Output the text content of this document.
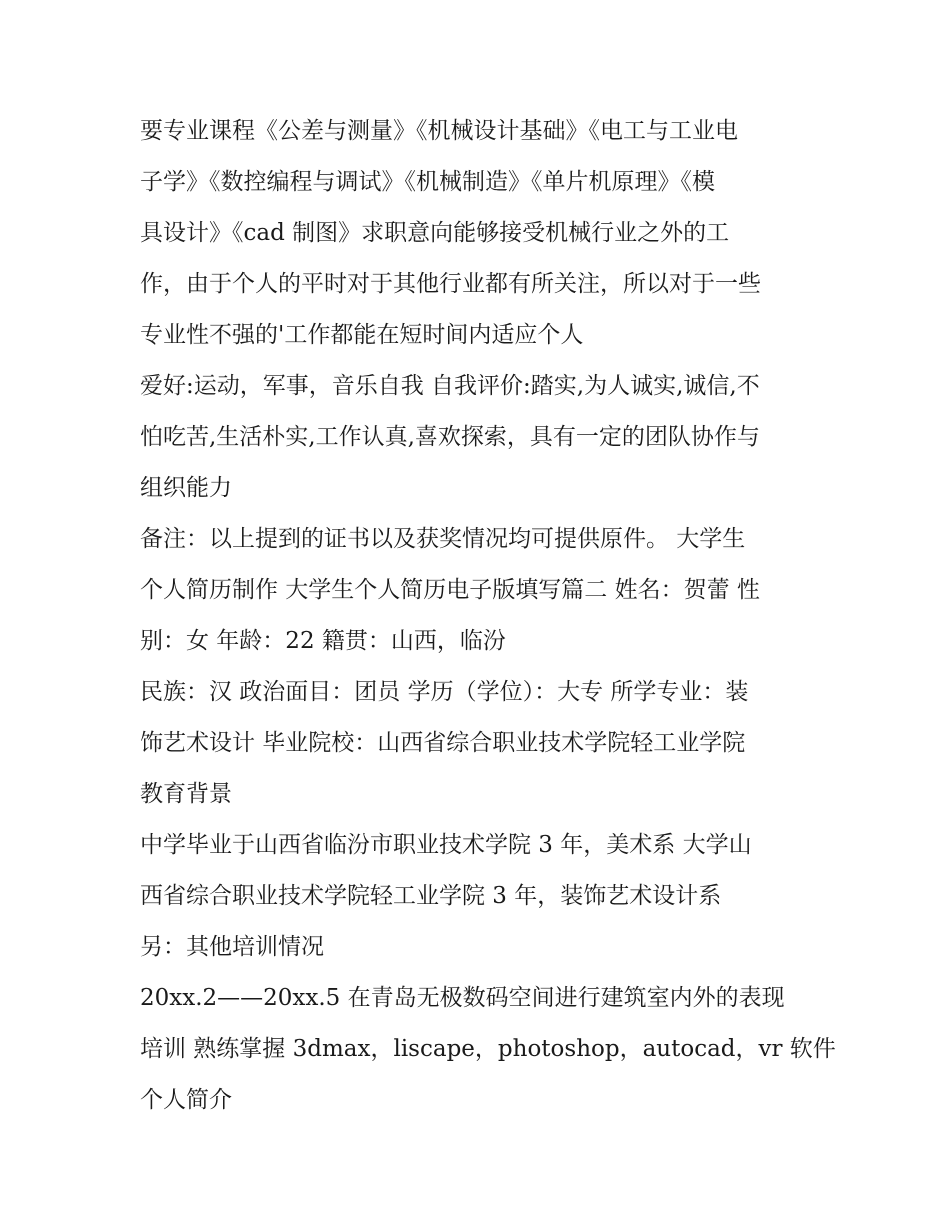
要专业课程《公差与测量》《机械设计基础》《电工与工业电
子学》《数控编程与调试》《机械制造》《单片机原理》《模
具设计》《cad 制图》求职意向能够接受机械行业之外的工
作，由于个人的平时对于其他行业都有所关注，所以对于一些
专业性不强的'工作都能在短时间内适应个人
爱好:运动，军事，音乐自我 自我评价:踏实,为人诚实,诚信,不
怕吃苦,生活朴实,工作认真,喜欢探索，具有一定的团队协作与
组织能力
备注：以上提到的证书以及获奖情况均可提供原件。 大学生
个人简历制作 大学生个人简历电子版填写篇二 姓名：贺蕾 性
别：女 年龄：22 籍贯：山西，临汾
民族：汉 政治面目：团员 学历（学位）：大专 所学专业：装
饰艺术设计 毕业院校：山西省综合职业技术学院轻工业学院
教育背景
中学毕业于山西省临汾市职业技术学院 3 年，美术系 大学山
西省综合职业技术学院轻工业学院 3 年，装饰艺术设计系
另：其他培训情况
20xx.2——20xx.5 在青岛无极数码空间进行建筑室内外的表现
培训 熟练掌握 3dmax，liscape，photoshop，autocad，vr 软件
个人简介
